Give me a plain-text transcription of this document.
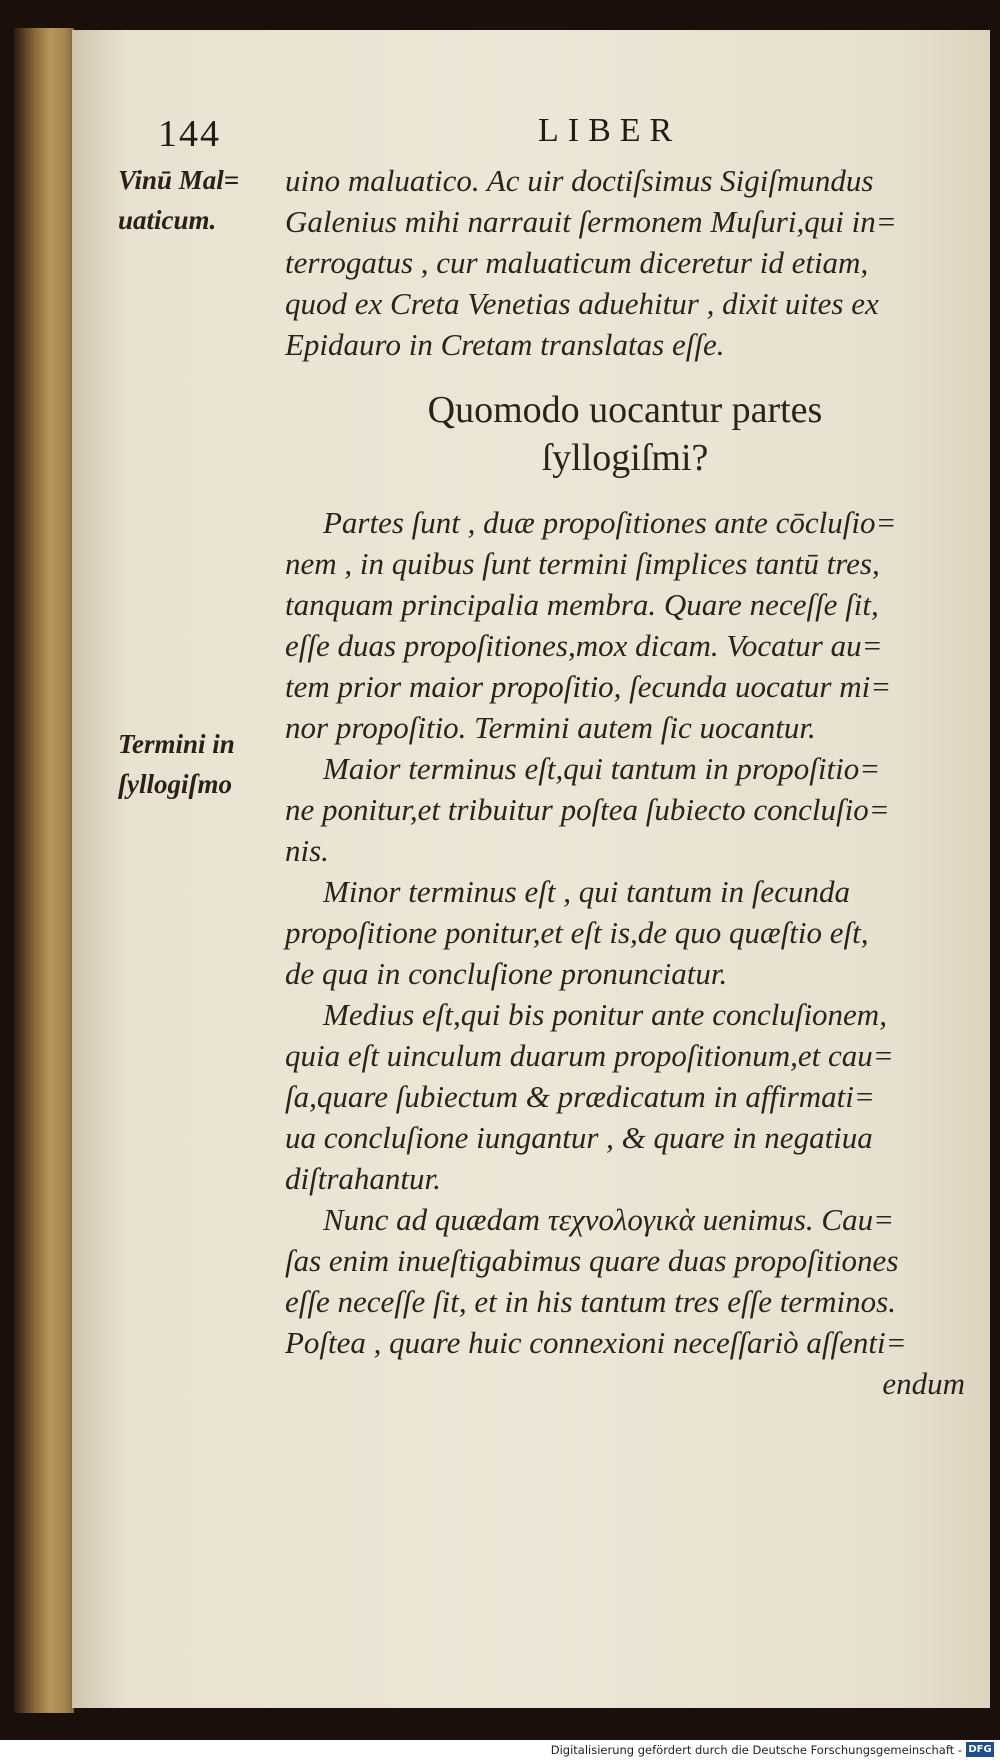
144	LIBER
Vinū Mal=
uaticum.
Termini in
ſyllogiſmo
uino maluatico. Ac uir doctiſsimus Sigiſmundus
Galenius mihi narrauit ſermonem Muſuri,qui in=
terrogatus , cur maluaticum diceretur id etiam,
quod ex Creta Venetias aduehitur , dixit uites ex
Epidauro in Cretam translatas eſſe.
Quomodo uocantur partes
ſyllogiſmi?
Partes ſunt , duæ propoſitiones ante cōcluſio=
nem , in quibus ſunt termini ſimplices tantū tres,
tanquam principalia membra. Quare neceſſe ſit,
eſſe duas propoſitiones,mox dicam. Vocatur au=
tem prior maior propoſitio, ſecunda uocatur mi=
nor propoſitio. Termini autem ſic uocantur.
Maior terminus eſt,qui tantum in propoſitio=
ne ponitur,et tribuitur poſtea ſubiecto concluſio=
nis.
Minor terminus eſt , qui tantum in ſecunda
propoſitione ponitur,et eſt is,de quo quæſtio eſt,
de qua in concluſione pronunciatur.
Medius eſt,qui bis ponitur ante concluſionem,
quia eſt uinculum duarum propoſitionum,et cau=
ſa,quare ſubiectum & prædicatum in affirmati=
ua concluſione iungantur , & quare in negatiua
diſtrahantur.
Nunc ad quædam τεχνολογικὰ uenimus. Cau=
ſas enim inueſtigabimus quare duas propoſitiones
eſſe neceſſe ſit, et in his tantum tres eſſe terminos.
Poſtea , quare huic connexioni neceſſariò aſſenti=
endum
Digitalisierung gefördert durch die Deutsche Forschungsgemeinschaft - DFG
